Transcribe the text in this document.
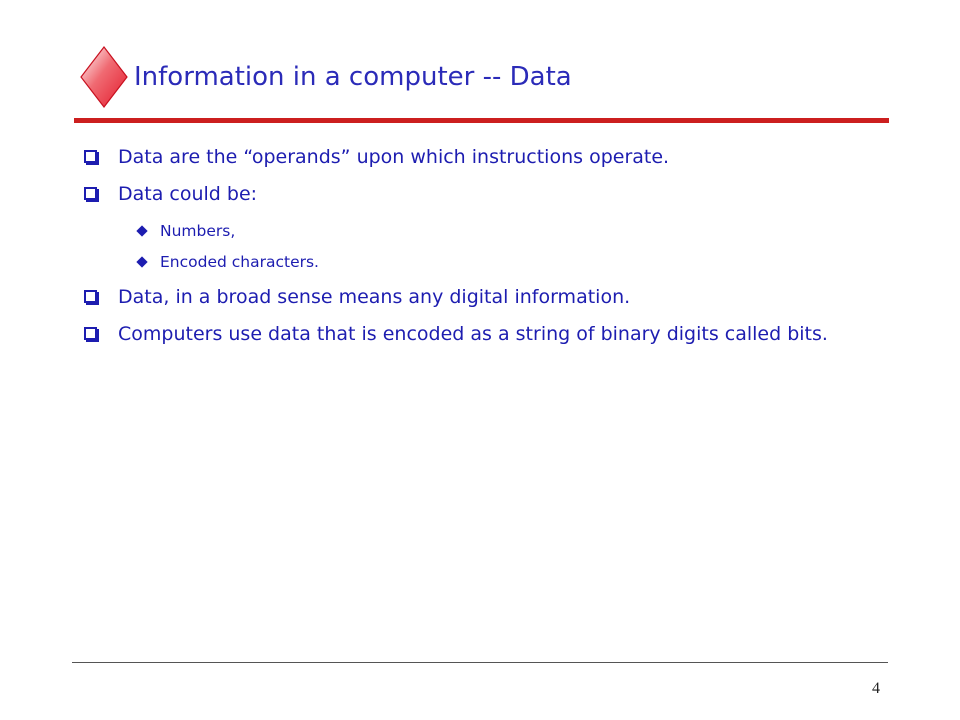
Information in a computer -- Data
Data are the “operands” upon which instructions operate.
Data could be:
Numbers,
Encoded characters.
Data, in a broad sense means any digital information.
Computers use data that is encoded as a string of binary digits called bits.
4
